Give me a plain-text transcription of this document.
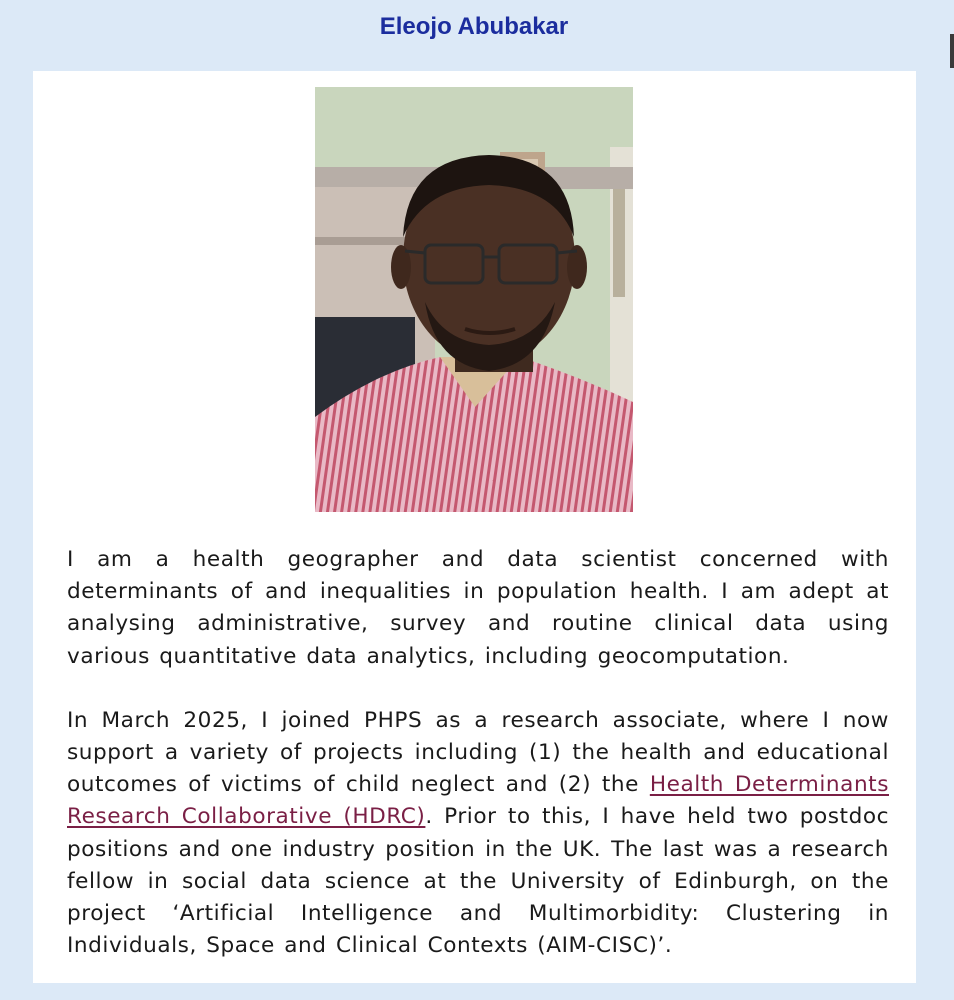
Eleojo Abubakar

I am a health geographer and data scientist concerned with determinants of and inequalities in population health. I am adept at analysing administrative, survey and routine clinical data using various quantitative data analytics, including geocomputation.

In March 2025, I joined PHPS as a research associate, where I now support a variety of projects including (1) the health and educational outcomes of victims of child neglect and (2) the Health Determinants Research Collaborative (HDRC). Prior to this, I have held two postdoc positions and one industry position in the UK. The last was a research fellow in social data science at the University of Edinburgh, on the project ‘Artificial Intelligence and Multimorbidity: Clustering in Individuals, Space and Clinical Contexts (AIM-CISC)’.
